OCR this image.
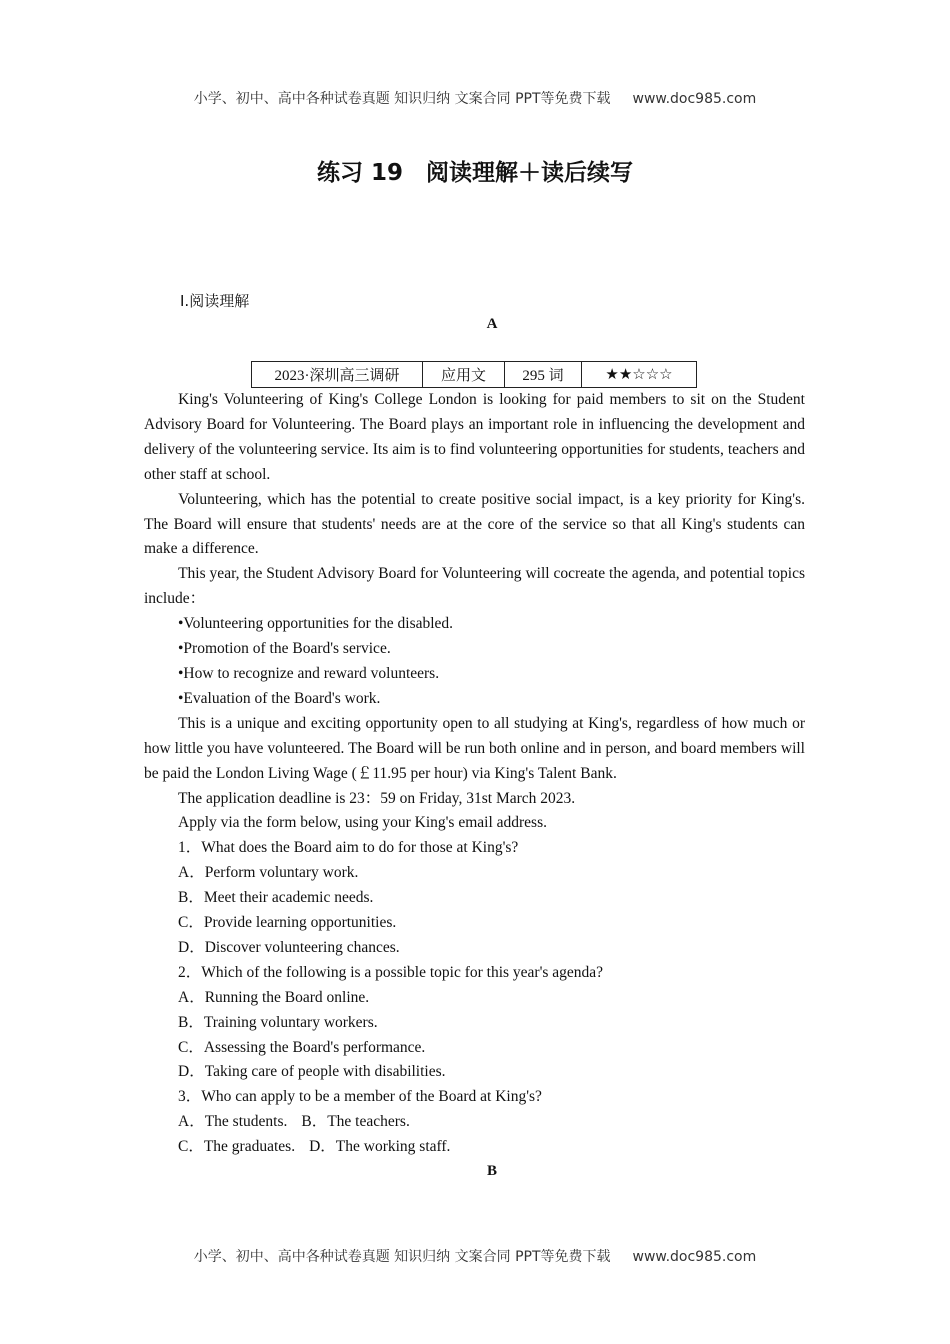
小学、初中、高中各种试卷真题 知识归纳 文案合同 PPT等免费下载 www.doc985.com
练习 19　阅读理解＋读后续写
Ⅰ.阅读理解
A
2023·深圳高三调研	应用文	295 词	★★☆☆☆

King's Volunteering of King's College London is looking for paid members to sit on the Student Advisory Board for Volunteering. The Board plays an important role in influencing the development and delivery of the volunteering service. Its aim is to find volunteering opportunities for students, teachers and other staff at school.

Volunteering, which has the potential to create positive social impact, is a key priority for King's. The Board will ensure that students' needs are at the core of the service so that all King's students can make a difference.

This year, the Student Advisory Board for Volunteering will cocreate the agenda, and potential topics include：

•Volunteering opportunities for the disabled.

•Promotion of the Board's service.

•How to recognize and reward volunteers.

•Evaluation of the Board's work.

This is a unique and exciting opportunity open to all studying at King's, regardless of how much or how little you have volunteered. The Board will be run both online and in person, and board members will be paid the London Living Wage (￡11.95 per hour) via King's Talent Bank.

The application deadline is 23：59 on Friday, 31st March 2023.

Apply via the form below, using your King's email address.

1．What does the Board aim to do for those at King's?

A．Perform voluntary work.

B．Meet their academic needs.

C．Provide learning opportunities.

D．Discover volunteering chances.

2．Which of the following is a possible topic for this year's agenda?

A．Running the Board online.

B．Training voluntary workers.

C．Assessing the Board's performance.

D．Taking care of people with disabilities.

3．Who can apply to be a member of the Board at King's?

A．The students. B．The teachers.

C．The graduates. D．The working staff.

B
小学、初中、高中各种试卷真题 知识归纳 文案合同 PPT等免费下载 www.doc985.com
